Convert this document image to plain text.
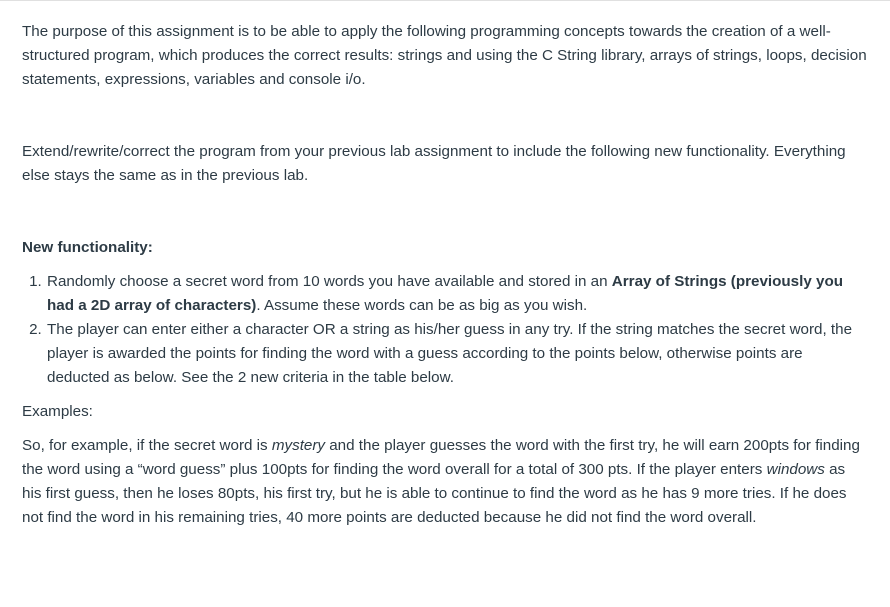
The purpose of this assignment is to be able to apply the following programming concepts towards the creation of a well-structured program, which produces the correct results: strings and using the C String library, arrays of strings, loops, decision statements, expressions, variables and console i/o.

Extend/rewrite/correct the program from your previous lab assignment to include the following new functionality. Everything else stays the same as in the previous lab.

New functionality:

1. Randomly choose a secret word from 10 words you have available and stored in an Array of Strings (previously you had a 2D array of characters). Assume these words can be as big as you wish.
2. The player can enter either a character OR a string as his/her guess in any try. If the string matches the secret word, the player is awarded the points for finding the word with a guess according to the points below, otherwise points are deducted as below. See the 2 new criteria in the table below.

Examples:

So, for example, if the secret word is mystery and the player guesses the word with the first try, he will earn 200pts for finding the word using a “word guess” plus 100pts for finding the word overall for a total of 300 pts. If the player enters windows as his first guess, then he loses 80pts, his first try, but he is able to continue to find the word as he has 9 more tries. If he does not find the word in his remaining tries, 40 more points are deducted because he did not find the word overall.
